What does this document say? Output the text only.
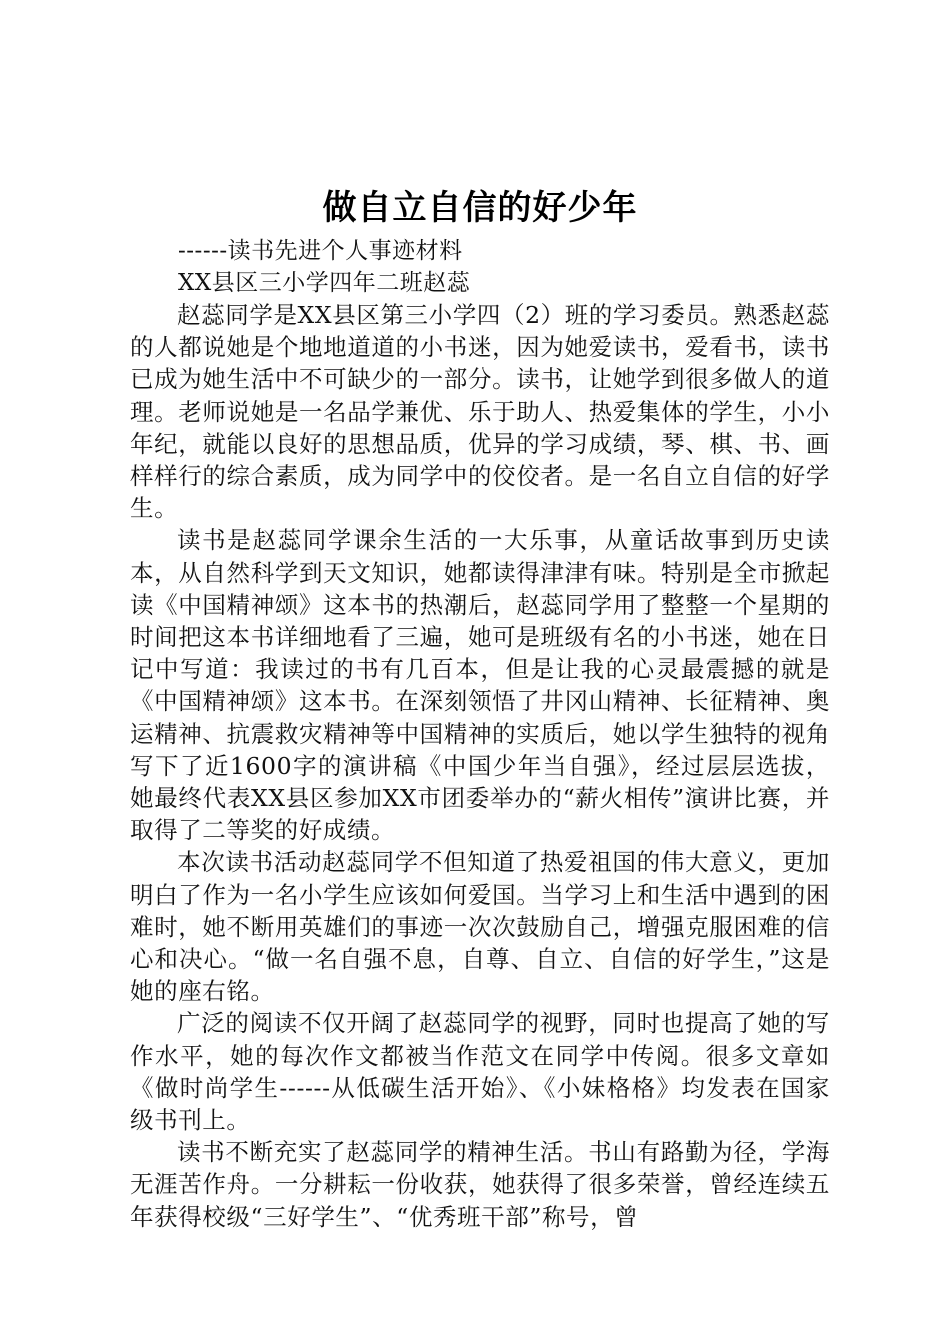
做自立自信的好少年

------读书先进个人事迹材料

XX县区三小学四年二班赵蕊

赵蕊同学是XX县区第三小学四（2）班的学习委员。熟悉赵蕊的人都说她是个地地道道的小书迷，因为她爱读书，爱看书，读书已成为她生活中不可缺少的一部分。读书，让她学到很多做人的道理。老师说她是一名品学兼优、乐于助人、热爱集体的学生，小小年纪，就能以良好的思想品质，优异的学习成绩，琴、棋、书、画样样行的综合素质，成为同学中的佼佼者。是一名自立自信的好学生。

读书是赵蕊同学课余生活的一大乐事，从童话故事到历史读本，从自然科学到天文知识，她都读得津津有味。特别是全市掀起读《中国精神颂》这本书的热潮后，赵蕊同学用了整整一个星期的时间把这本书详细地看了三遍，她可是班级有名的小书迷，她在日记中写道：我读过的书有几百本，但是让我的心灵最震撼的就是《中国精神颂》这本书。在深刻领悟了井冈山精神、长征精神、奥运精神、抗震救灾精神等中国精神的实质后，她以学生独特的视角写下了近1600字的演讲稿《中国少年当自强》，经过层层选拔，她最终代表XX县区参加XX市团委举办的“薪火相传”演讲比赛，并取得了二等奖的好成绩。

本次读书活动赵蕊同学不但知道了热爱祖国的伟大意义，更加明白了作为一名小学生应该如何爱国。当学习上和生活中遇到的困难时，她不断用英雄们的事迹一次次鼓励自己，增强克服困难的信心和决心。“做一名自强不息，自尊、自立、自信的好学生，”这是她的座右铭。

广泛的阅读不仅开阔了赵蕊同学的视野，同时也提高了她的写作水平，她的每次作文都被当作范文在同学中传阅。很多文章如《做时尚学生------从低碳生活开始》、《小妹格格》均发表在国家级书刊上。

读书不断充实了赵蕊同学的精神生活。书山有路勤为径，学海无涯苦作舟。一分耕耘一份收获，她获得了很多荣誉，曾经连续五年获得校级“三好学生”、“优秀班干部”称号，曾
